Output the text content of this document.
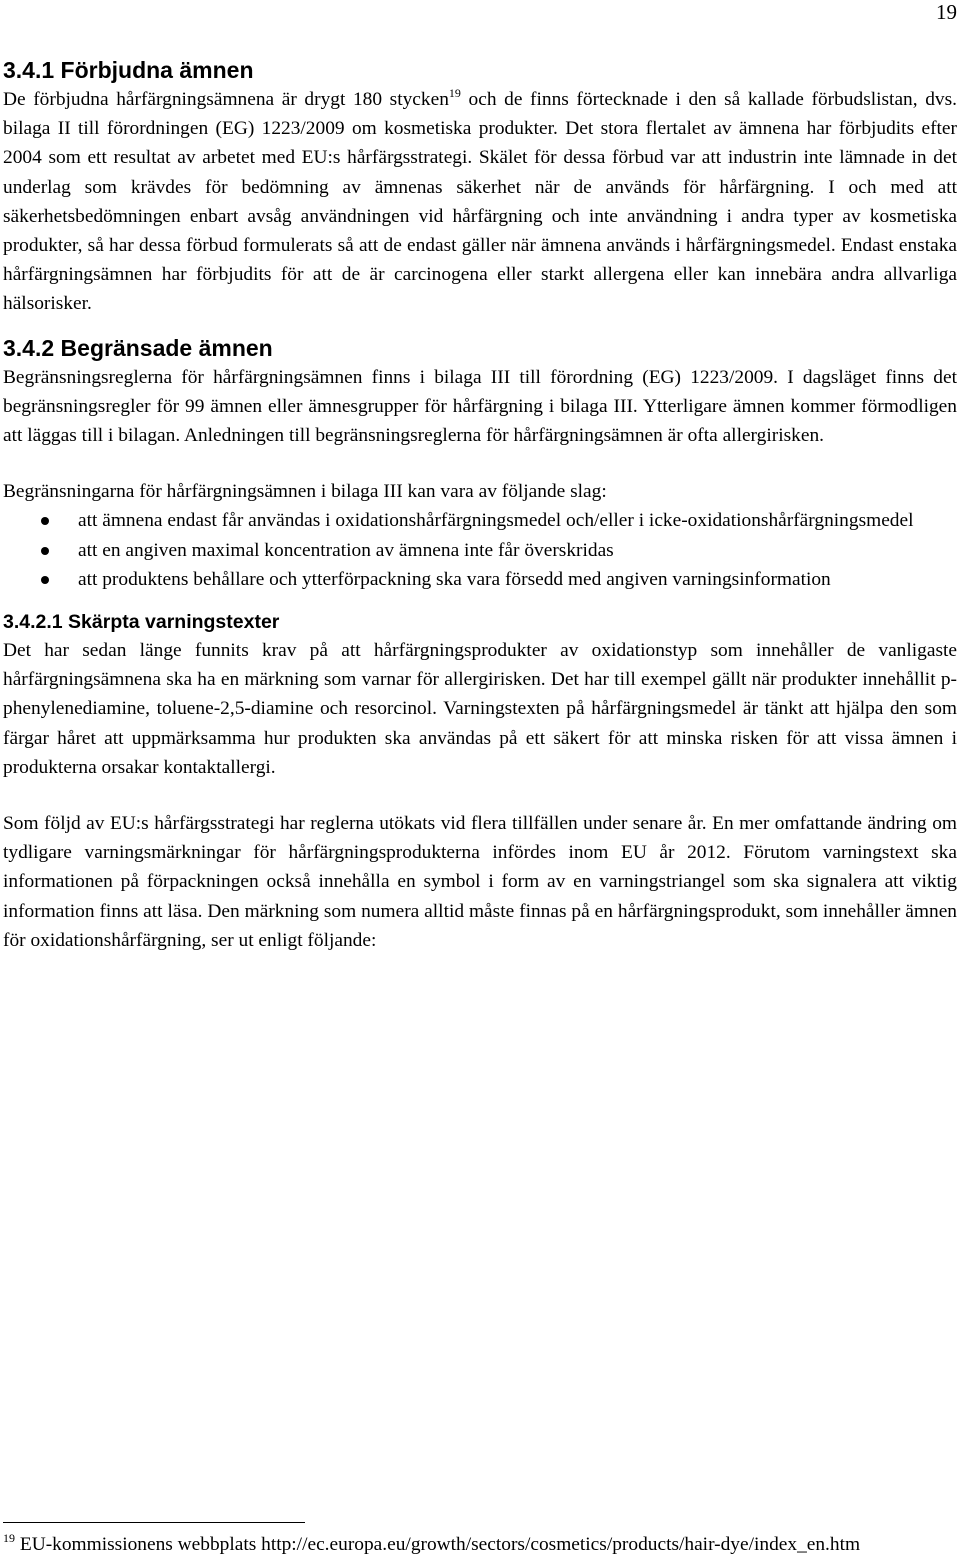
19
3.4.1 Förbjudna ämnen

De förbjudna hårfärgningsämnena är drygt 180 stycken$^{19}$ och de finns förtecknade i den så kallade förbudslistan, dvs. bilaga II till förordningen (EG) 1223/2009 om kosmetiska produkter. Det stora flertalet av ämnena har förbjudits efter 2004 som ett resultat av arbetet med EU:s hårfärgsstrategi. Skälet för dessa förbud var att industrin inte lämnade in det underlag som krävdes för bedömning av ämnenas säkerhet när de används för hårfärgning. I och med att säkerhetsbedömningen enbart avsåg användningen vid hårfärgning och inte användning i andra typer av kosmetiska produkter, så har dessa förbud formulerats så att de endast gäller när ämnena används i hårfärgningsmedel. Endast enstaka hårfärgningsämnen har förbjudits för att de är carcinogena eller starkt allergena eller kan innebära andra allvarliga hälsorisker.

3.4.2 Begränsade ämnen

Begränsningsreglerna för hårfärgningsämnen finns i bilaga III till förordning (EG) 1223/2009. I dagsläget finns det begränsningsregler för 99 ämnen eller ämnesgrupper för hårfärgning i bilaga III. Ytterligare ämnen kommer förmodligen att läggas till i bilagan. Anledningen till begränsningsreglerna för hårfärgningsämnen är ofta allergirisken.

Begränsningarna för hårfärgningsämnen i bilaga III kan vara av följande slag:

att ämnena endast får användas i oxidationshårfärgningsmedel och/eller i icke-oxidationshårfärgningsmedel
att en angiven maximal koncentration av ämnena inte får överskridas
att produktens behållare och ytterförpackning ska vara försedd med angiven varningsinformation
3.4.2.1 Skärpta varningstexter

Det har sedan länge funnits krav på att hårfärgningsprodukter av oxidationstyp som innehåller de vanligaste hårfärgningsämnena ska ha en märkning som varnar för allergirisken. Det har till exempel gällt när produkter innehållit p-phenylenediamine, toluene-2,5-diamine och resorcinol. Varningstexten på hårfärgningsmedel är tänkt att hjälpa den som färgar håret att uppmärksamma hur produkten ska användas på ett säkert för att minska risken för att vissa ämnen i produkterna orsakar kontaktallergi.

Som följd av EU:s hårfärgsstrategi har reglerna utökats vid flera tillfällen under senare år. En mer omfattande ändring om tydligare varningsmärkningar för hårfärgningsprodukterna infördes inom EU år 2012. Förutom varningstext ska informationen på förpackningen också innehålla en symbol i form av en varningstriangel som ska signalera att viktig information finns att läsa. Den märkning som numera alltid måste finnas på en hårfärgningsprodukt, som innehåller ämnen för oxidationshårfärgning, ser ut enligt följande:

$^{19}$ EU-kommissionens webbplats http://ec.europa.eu/growth/sectors/cosmetics/products/hair-dye/index_en.htm
